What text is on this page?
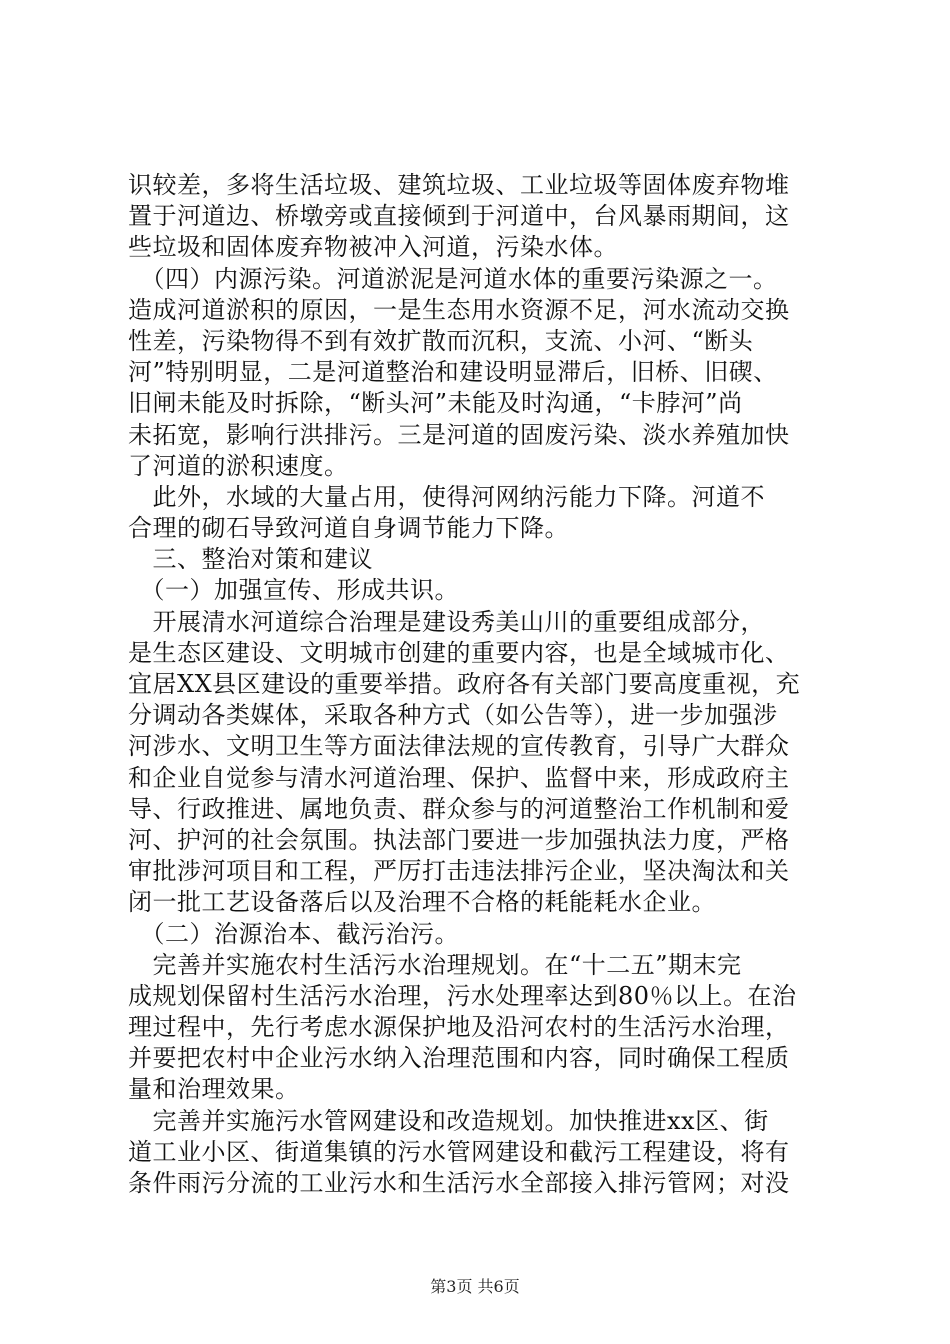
识较差，多将生活垃圾、建筑垃圾、工业垃圾等固体废弃物堆
置于河道边、桥墩旁或直接倾到于河道中，台风暴雨期间，这
些垃圾和固体废弃物被冲入河道，污染水体。
　（四）内源污染。河道淤泥是河道水体的重要污染源之一。
造成河道淤积的原因，一是生态用水资源不足，河水流动交换
性差，污染物得不到有效扩散而沉积，支流、小河、“断头
河”特别明显，二是河道整治和建设明显滞后，旧桥、旧碶、
旧闸未能及时拆除，“断头河”未能及时沟通，“卡脖河”尚
未拓宽，影响行洪排污。三是河道的固废污染、淡水养殖加快
了河道的淤积速度。
　此外，水域的大量占用，使得河网纳污能力下降。河道不
合理的砌石导致河道自身调节能力下降。
　三、整治对策和建议
　（一）加强宣传、形成共识。
　开展清水河道综合治理是建设秀美山川的重要组成部分，
是生态区建设、文明城市创建的重要内容，也是全域城市化、
宜居XX县区建设的重要举措。政府各有关部门要高度重视，充
分调动各类媒体，采取各种方式（如公告等），进一步加强涉
河涉水、文明卫生等方面法律法规的宣传教育，引导广大群众
和企业自觉参与清水河道治理、保护、监督中来，形成政府主
导、行政推进、属地负责、群众参与的河道整治工作机制和爱
河、护河的社会氛围。执法部门要进一步加强执法力度，严格
审批涉河项目和工程，严厉打击违法排污企业，坚决淘汰和关
闭一批工艺设备落后以及治理不合格的耗能耗水企业。
　（二）治源治本、截污治污。
　完善并实施农村生活污水治理规划。在“十二五”期末完
成规划保留村生活污水治理，污水处理率达到80％以上。在治
理过程中，先行考虑水源保护地及沿河农村的生活污水治理，
并要把农村中企业污水纳入治理范围和内容，同时确保工程质
量和治理效果。
　完善并实施污水管网建设和改造规划。加快推进xx区、街
道工业小区、街道集镇的污水管网建设和截污工程建设，将有
条件雨污分流的工业污水和生活污水全部接入排污管网；对没
第3页 共6页
